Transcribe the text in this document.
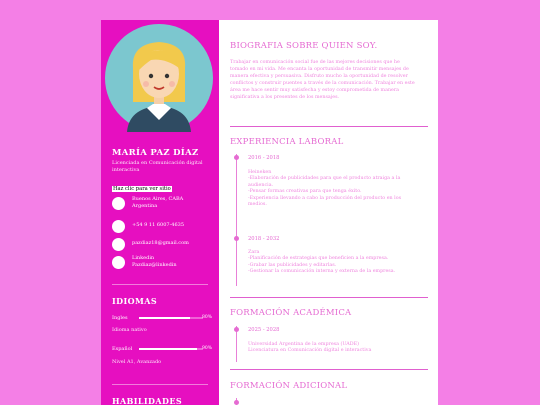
MARÍA PAZ DÍAZ
Licenciada en Comunicación digital interactiva
Haz clic para ver sitio
Buenos Aires, CABA
Argentina
+54 9 11 6007-4635
pazdiaz18@gmail.com
Linkedin
Pazdiaz@linkedin
IDIOMAS
Ingles	80%
Idioma nativo
Español	90%
Nivel A1, Avanzado
HABILIDADES
BIOGRAFIA SOBRE QUIEN SOY.
Trabajar en comunicación social fue de las mejores decisiones que he
tomado en mi vida. Me encanta la oportunidad de transmitir mensajes de
manera efectiva y persuasiva. Disfruto mucho la oportunidad de resolver
conflictos y construir puentes a través de la comunicación. Trabajar en este
área me hace sentir muy satisfecha y estoy comprometida de manera
significativa a los presentes de los mensajes.
EXPERIENCIA LABORAL
2016 - 2018
Heineken
-Elaboración de publicidades para que el producto atraiga a la
audiencia.
-Pensar formas creativas para que tenga éxito.
-Experiencia llevando a cabo la producción del producto en los
medios.
2018 - 2032
Zara
-Planificación de estrategias que beneficien a la empresa.
-Grabar las publicidades y editarlas.
-Gestionar la comunicación interna y externa de la empresa.
FORMACIÓN ACADÉMICA
2025 - 2028
Universidad Argentina de la empresa (UADE)
Licenciatura en Comunicación digital e interactiva
FORMACIÓN ADICIONAL
